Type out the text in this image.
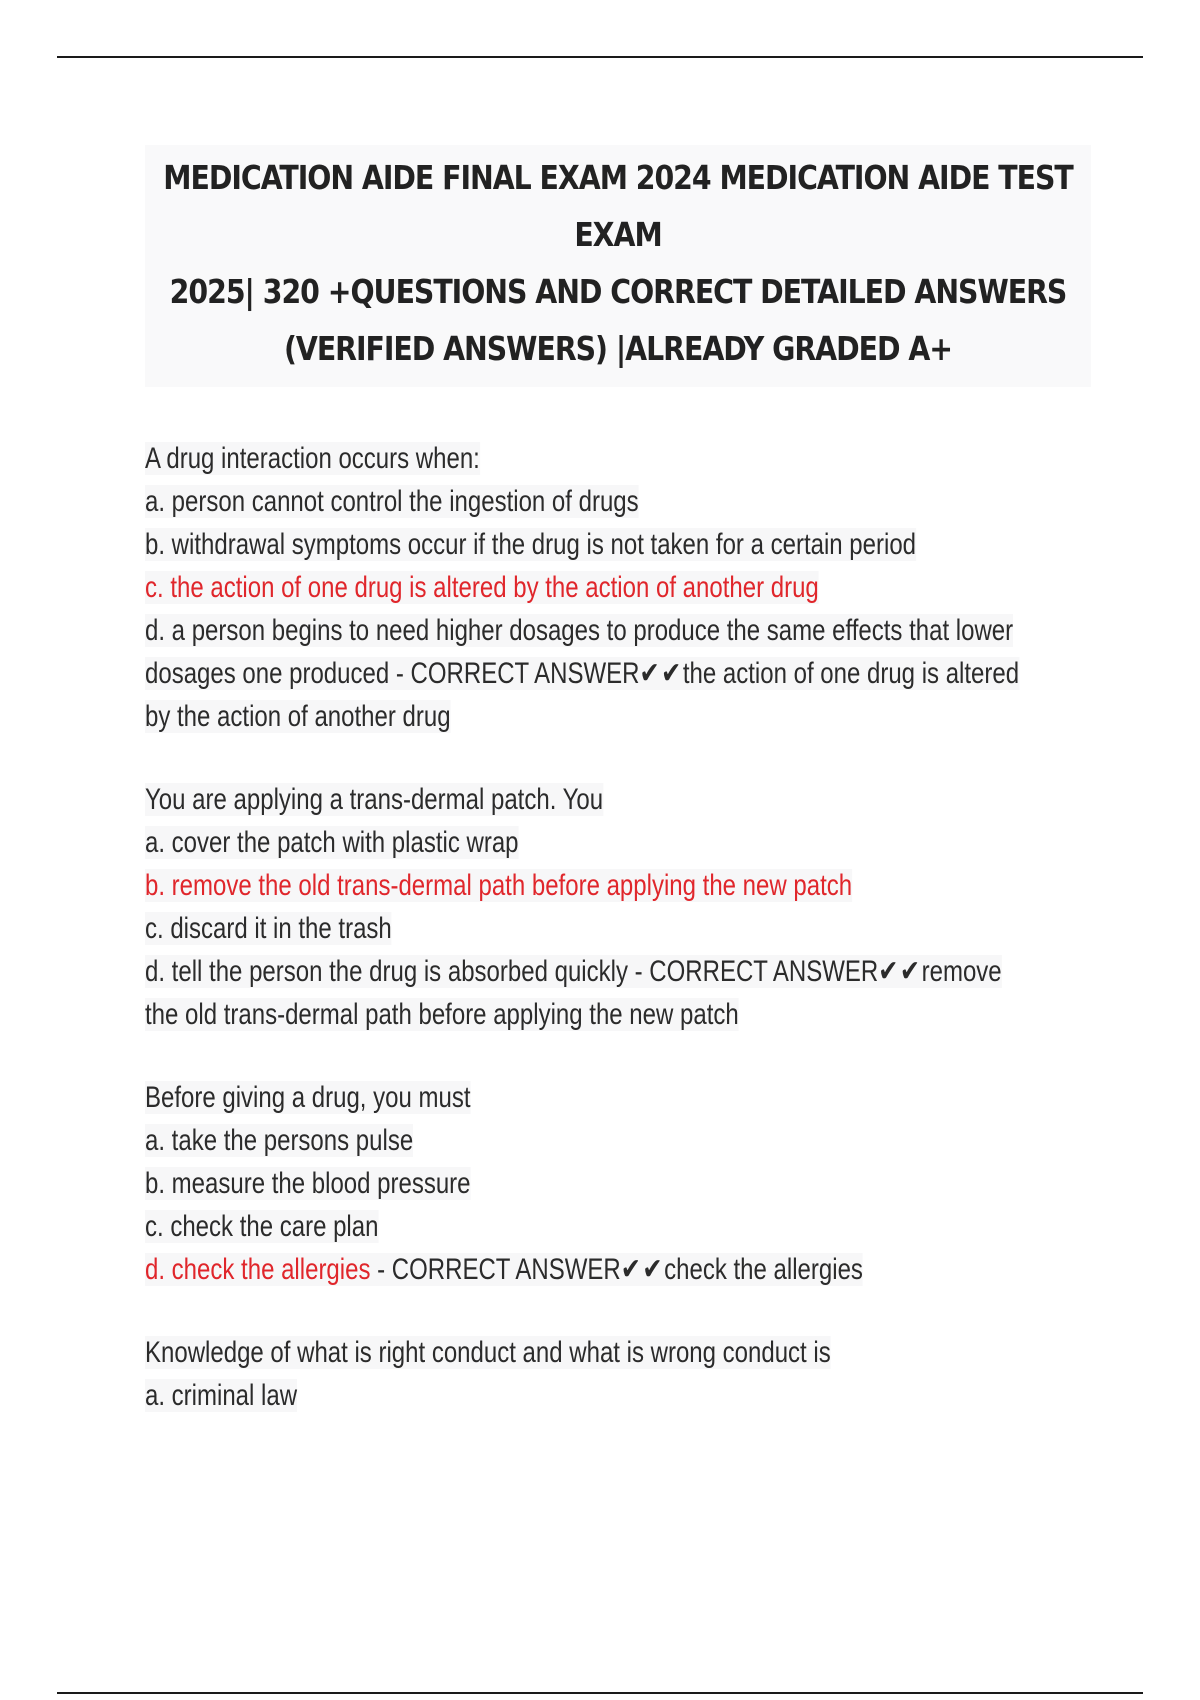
MEDICATION AIDE FINAL EXAM 2024 MEDICATION AIDE TEST EXAM
2025| 320 +QUESTIONS AND CORRECT DETAILED ANSWERS
(VERIFIED ANSWERS) |ALREADY GRADED A+

A drug interaction occurs when:

a. person cannot control the ingestion of drugs

b. withdrawal symptoms occur if the drug is not taken for a certain period

c. the action of one drug is altered by the action of another drug

d. a person begins to need higher dosages to produce the same effects that lower

dosages one produced - CORRECT ANSWER✔✔the action of one drug is altered

by the action of another drug

You are applying a trans-dermal patch. You

a. cover the patch with plastic wrap

b. remove the old trans-dermal path before applying the new patch

c. discard it in the trash

d. tell the person the drug is absorbed quickly - CORRECT ANSWER✔✔remove

the old trans-dermal path before applying the new patch

Before giving a drug, you must

a. take the persons pulse

b. measure the blood pressure

c. check the care plan

d. check the allergies - CORRECT ANSWER✔✔check the allergies

Knowledge of what is right conduct and what is wrong conduct is

a. criminal law
